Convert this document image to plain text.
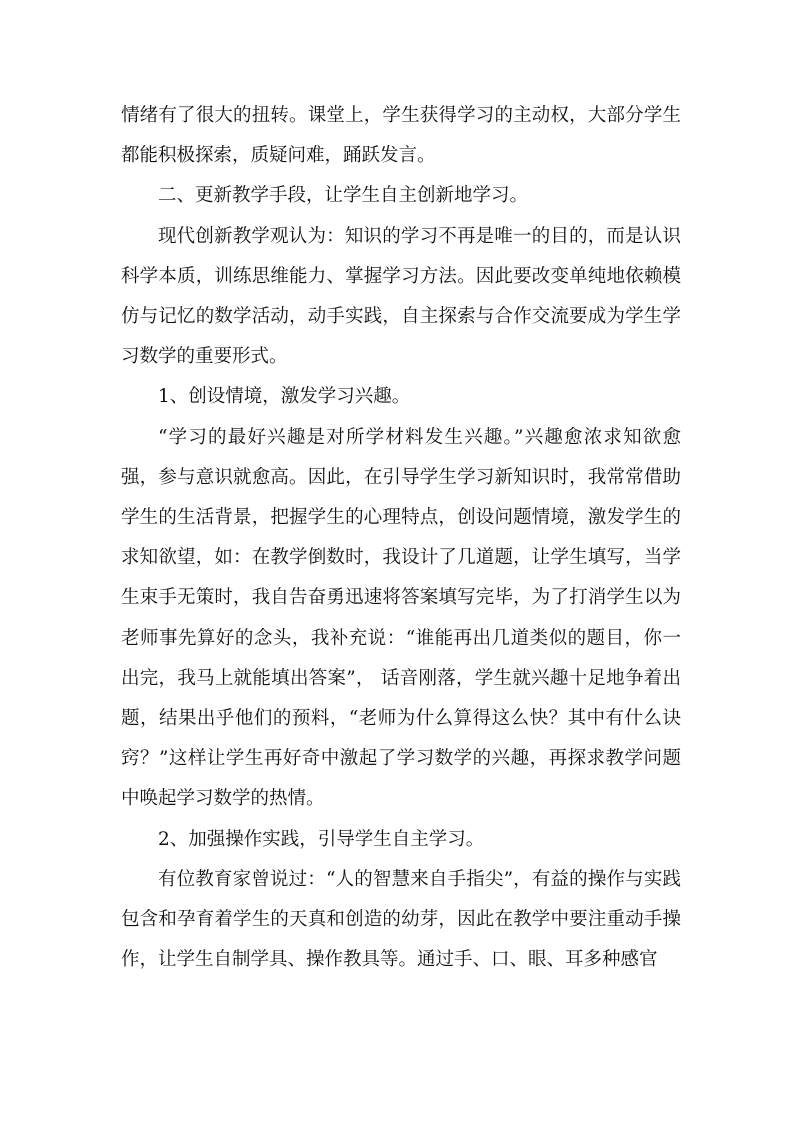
情绪有了很大的扭转。课堂上，学生获得学习的主动权，大部分学生都能积极探索，质疑问难，踊跃发言。

二、更新教学手段，让学生自主创新地学习。

现代创新教学观认为：知识的学习不再是唯一的目的，而是认识科学本质，训练思维能力、掌握学习方法。因此要改变单纯地依赖模仿与记忆的数学活动，动手实践，自主探索与合作交流要成为学生学习数学的重要形式。

1、创设情境，激发学习兴趣。

“学习的最好兴趣是对所学材料发生兴趣。”兴趣愈浓求知欲愈强，参与意识就愈高。因此，在引导学生学习新知识时，我常常借助学生的生活背景，把握学生的心理特点，创设问题情境，激发学生的求知欲望，如：在教学倒数时，我设计了几道题，让学生填写，当学生束手无策时，我自告奋勇迅速将答案填写完毕，为了打消学生以为老师事先算好的念头，我补充说：“谁能再出几道类似的题目，你一出完，我马上就能填出答案”， 话音刚落，学生就兴趣十足地争着出题，结果出乎他们的预料，“老师为什么算得这么快？其中有什么诀窍？”这样让学生再好奇中激起了学习数学的兴趣，再探求教学问题中唤起学习数学的热情。

2、加强操作实践，引导学生自主学习。

有位教育家曾说过：“人的智慧来自手指尖”，有益的操作与实践包含和孕育着学生的天真和创造的幼芽，因此在教学中要注重动手操作，让学生自制学具、操作教具等。通过手、口、眼、耳多种感官
